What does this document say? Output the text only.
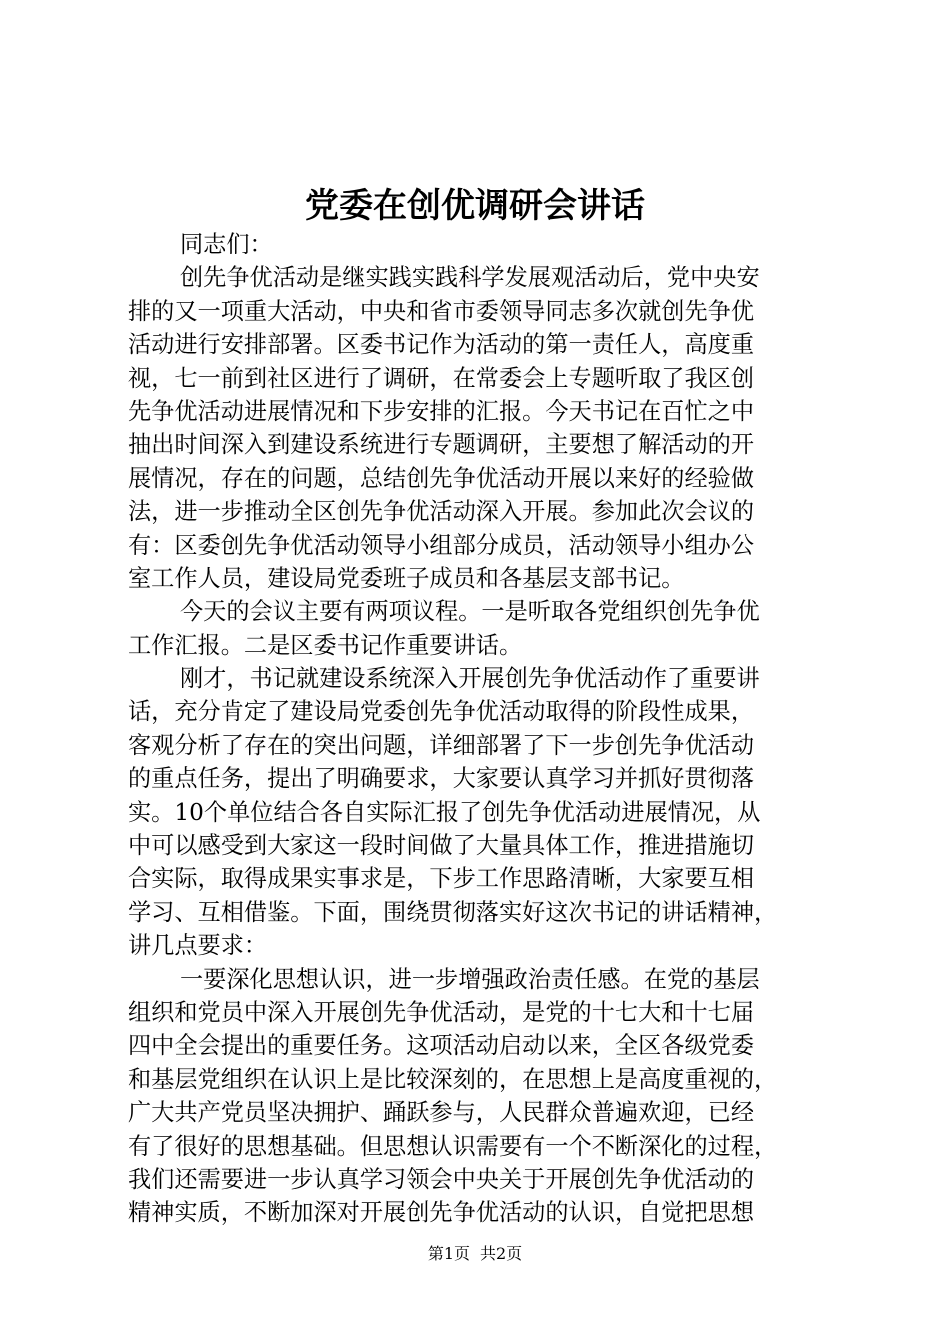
党委在创优调研会讲话
同志们：
创先争优活动是继实践实践科学发展观活动后，党中央安
排的又一项重大活动，中央和省市委领导同志多次就创先争优
活动进行安排部署。区委书记作为活动的第一责任人，高度重
视，七一前到社区进行了调研，在常委会上专题听取了我区创
先争优活动进展情况和下步安排的汇报。今天书记在百忙之中
抽出时间深入到建设系统进行专题调研，主要想了解活动的开
展情况，存在的问题，总结创先争优活动开展以来好的经验做
法，进一步推动全区创先争优活动深入开展。参加此次会议的
有：区委创先争优活动领导小组部分成员，活动领导小组办公
室工作人员，建设局党委班子成员和各基层支部书记。
今天的会议主要有两项议程。一是听取各党组织创先争优
工作汇报。二是区委书记作重要讲话。
刚才，书记就建设系统深入开展创先争优活动作了重要讲
话，充分肯定了建设局党委创先争优活动取得的阶段性成果，
客观分析了存在的突出问题，详细部署了下一步创先争优活动
的重点任务，提出了明确要求，大家要认真学习并抓好贯彻落
实。10个单位结合各自实际汇报了创先争优活动进展情况，从
中可以感受到大家这一段时间做了大量具体工作，推进措施切
合实际，取得成果实事求是，下步工作思路清晰，大家要互相
学习、互相借鉴。下面，围绕贯彻落实好这次书记的讲话精神，
讲几点要求：
一要深化思想认识，进一步增强政治责任感。在党的基层
组织和党员中深入开展创先争优活动，是党的十七大和十七届
四中全会提出的重要任务。这项活动启动以来，全区各级党委
和基层党组织在认识上是比较深刻的，在思想上是高度重视的，
广大共产党员坚决拥护、踊跃参与，人民群众普遍欢迎，已经
有了很好的思想基础。但思想认识需要有一个不断深化的过程，
我们还需要进一步认真学习领会中央关于开展创先争优活动的
精神实质，不断加深对开展创先争优活动的认识，自觉把思想
第1页 共2页
